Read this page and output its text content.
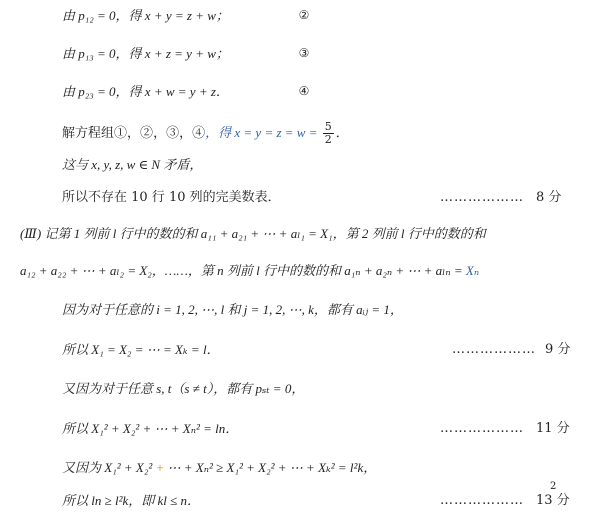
由 p₁₂ = 0，得 x + y = z + w；	②
由 p₁₃ = 0，得 x + z = y + w；	③
由 p₂₃ = 0，得 x + w = y + z．	④
解方程组①，②，③，④，得 $x = y = z = w = \frac{5}{2}$ ．
这与 x, y, z, w ∈ N 矛盾，
所以不存在 10 行 10 列的完美数表．	……………… 8 分
(Ⅲ) 记第 1 列前 l 行中的数的和 a₁₁ + a₂₁ + ⋯ + aₗ₁ = X₁，第 2 列前 l 行中的数的和
a₁₂ + a₂₂ + ⋯ + aₗ₂ = X₂，……，第 n 列前 l 行中的数的和 a₁ₙ + a₂ₙ + ⋯ + aₗₙ = Xₙ
因为对于任意的 i = 1, 2, ⋯, l 和 j = 1, 2, ⋯, k，都有 aᵢⱼ = 1，
所以 X₁ = X₂ = ⋯ = Xₖ = l．	……………… 9 分
又因为对于任意 s, t（s ≠ t），都有 pₛₜ = 0，
所以 X₁² + X₂² + ⋯ + Xₙ² = ln．	……………… 11 分
又因为 X₁² + X₂² + ⋯ + Xₙ² ≥ X₁² + X₂² + ⋯ + Xₖ² = l²k，
所以 ln ≥ l²k，即 kl ≤ n．	………………
2
13 分
